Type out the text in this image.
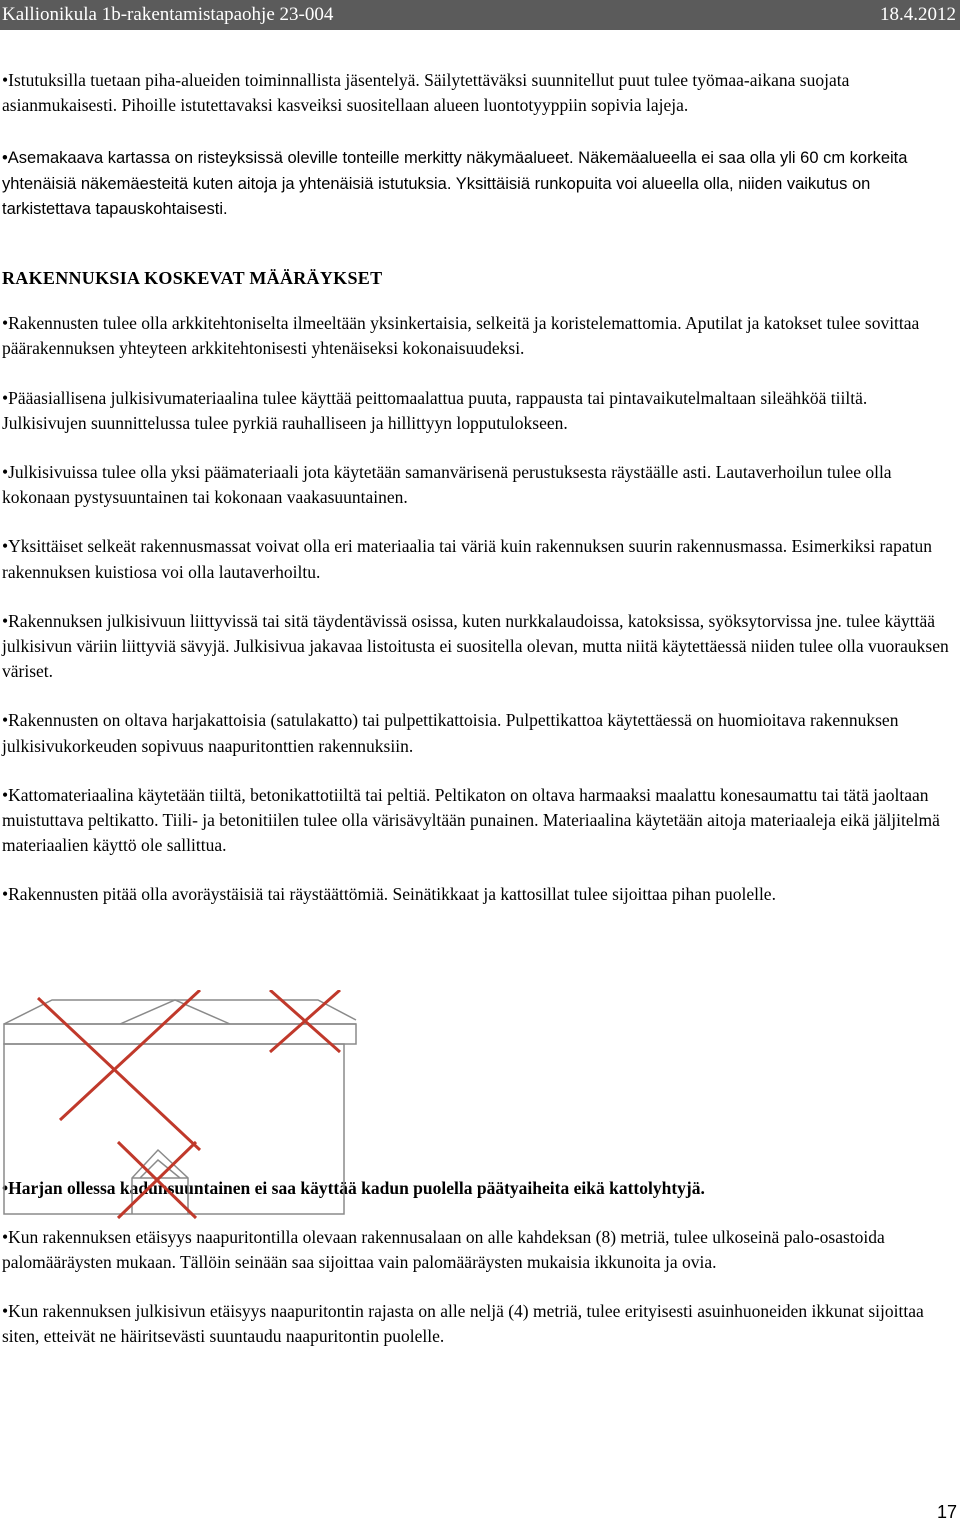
Kallionikula 1b-rakentamistapaohje 23-004	18.4.2012

•Istutuksilla tuetaan piha-alueiden toiminnallista jäsentelyä. Säilytettäväksi suunnitellut puut tulee työmaa-aikana suojata asianmukaisesti. Pihoille istutettavaksi kasveiksi suositellaan alueen luontotyyppiin sopivia lajeja.

•Asemakaava kartassa on risteyksissä oleville tonteille merkitty näkymäalueet. Näkemäalueella ei saa olla yli 60 cm korkeita yhtenäisiä näkemäesteitä kuten aitoja ja yhtenäisiä istutuksia. Yksittäisiä runkopuita voi alueella olla, niiden vaikutus on tarkistettava tapauskohtaisesti.

RAKENNUKSIA KOSKEVAT MÄÄRÄYKSET

•Rakennusten tulee olla arkkitehtoniselta ilmeeltään yksinkertaisia, selkeitä ja koristelemattomia. Aputilat ja katokset tulee sovittaa päärakennuksen yhteyteen arkkitehtonisesti yhtenäiseksi kokonaisuudeksi.

•Pääasiallisena julkisivumateriaalina tulee käyttää peittomaalattua puuta, rappausta tai pintavaikutelmaltaan sileähköä tiiltä. Julkisivujen suunnittelussa tulee pyrkiä rauhalliseen ja hillittyyn lopputulokseen.

•Julkisivuissa tulee olla yksi päämateriaali jota käytetään samanvärisenä perustuksesta räystäälle asti. Lautaverhoilun tulee olla kokonaan pystysuuntainen tai kokonaan vaakasuuntainen.

•Yksittäiset selkeät rakennusmassat voivat olla eri materiaalia tai väriä kuin rakennuksen suurin rakennusmassa. Esimerkiksi rapatun rakennuksen kuistiosa voi olla lautaverhoiltu.

•Rakennuksen julkisivuun liittyvissä tai sitä täydentävissä osissa, kuten nurkkalaudoissa, katoksissa, syöksytorvissa jne. tulee käyttää julkisivun väriin liittyviä sävyjä. Julkisivua jakavaa listoitusta ei suositella olevan, mutta niitä käytettäessä niiden tulee olla vuorauksen väriset.

•Rakennusten on oltava harjakattoisia (satulakatto) tai pulpettikattoisia. Pulpettikattoa käytettäessä on huomioitava rakennuksen julkisivukorkeuden sopivuus naapuritonttien rakennuksiin.

•Kattomateriaalina käytetään tiiltä, betonikattotiiltä tai peltiä. Peltikaton on oltava harmaaksi maalattu konesaumattu tai tätä jaoltaan muistuttava peltikatto. Tiili- ja betonitiilen tulee olla värisävyltään punainen. Materiaalina käytetään aitoja materiaaleja eikä jäljitelmä materiaalien käyttö ole sallittua.

•Rakennusten pitää olla avoräystäisiä tai räystäättömiä. Seinätikkaat ja kattosillat tulee sijoittaa pihan puolelle.

•Harjan ollessa kadunsuuntainen ei saa käyttää kadun puolella päätyaiheita eikä kattolyhtyjä.

•Kun rakennuksen etäisyys naapuritontilla olevaan rakennusalaan on alle kahdeksan (8) metriä, tulee ulkoseinä palo-osastoida palomääräysten mukaan. Tällöin seinään saa sijoittaa vain palomääräysten mukaisia ikkunoita ja ovia.

•Kun rakennuksen julkisivun etäisyys naapuritontin rajasta on alle neljä (4) metriä, tulee erityisesti asuinhuoneiden ikkunat sijoittaa siten, etteivät ne häiritsevästi suuntaudu naapuritontin puolelle.

17
